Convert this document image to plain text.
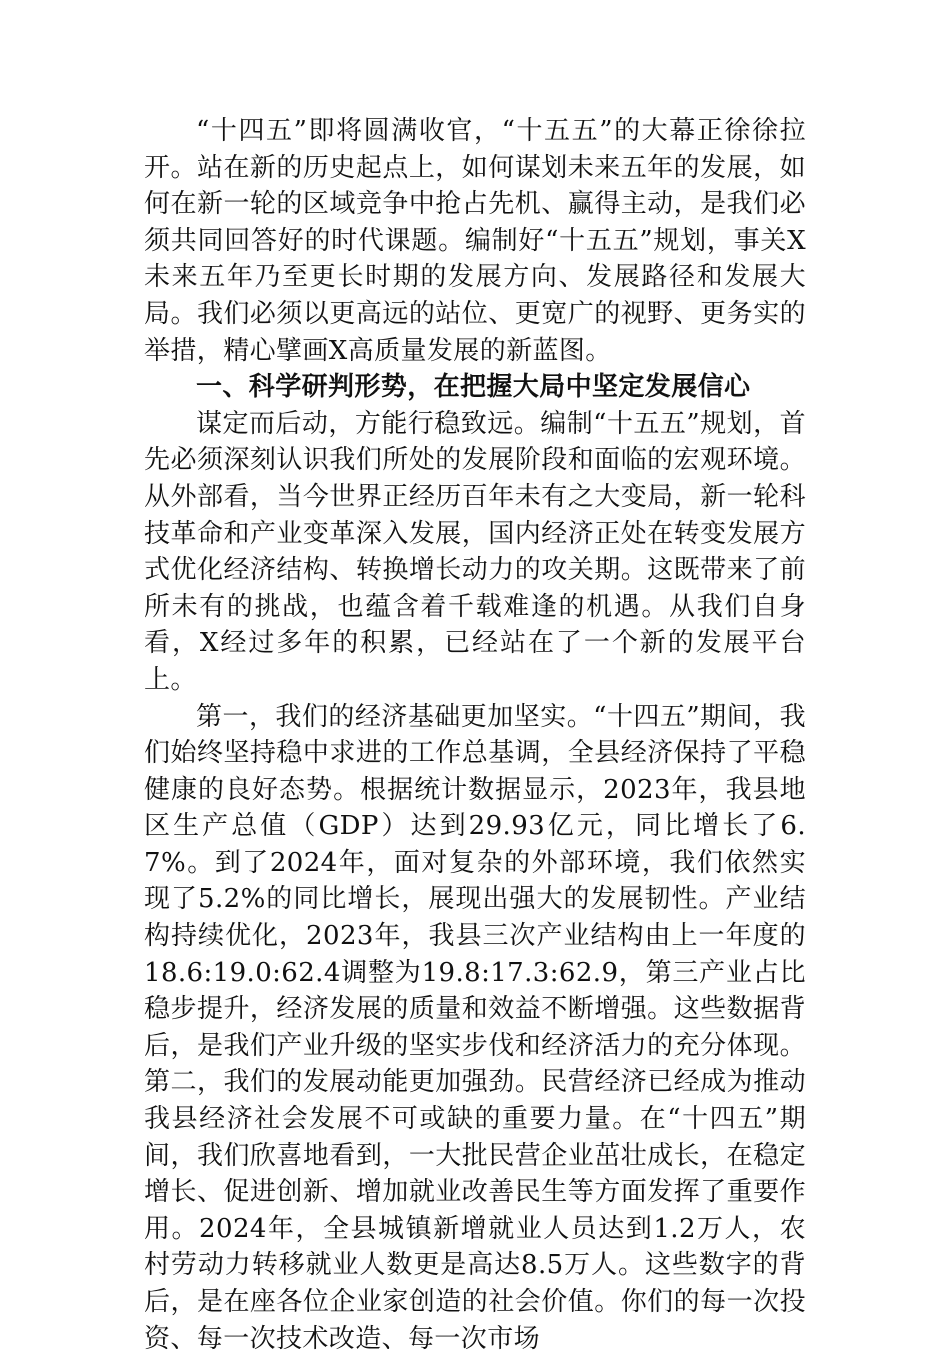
“十四五”即将圆满收官，“十五五”的大幕正徐徐拉开。站在新的历史起点上，如何谋划未来五年的发展，如何在新一轮的区域竞争中抢占先机、赢得主动，是我们必须共同回答好的时代课题。编制好“十五五”规划，事关X未来五年乃至更长时期的发展方向、发展路径和发展大局。我们必须以更高远的站位、更宽广的视野、更务实的举措，精心擘画X高质量发展的新蓝图。

一、科学研判形势，在把握大局中坚定发展信心

谋定而后动，方能行稳致远。编制“十五五”规划，首先必须深刻认识我们所处的发展阶段和面临的宏观环境。从外部看，当今世界正经历百年未有之大变局，新一轮科技革命和产业变革深入发展，国内经济正处在转变发展方式优化经济结构、转换增长动力的攻关期。这既带来了前所未有的挑战，也蕴含着千载难逢的机遇。从我们自身看，X经过多年的积累，已经站在了一个新的发展平台上。

第一，我们的经济基础更加坚实。“十四五”期间，我们始终坚持稳中求进的工作总基调，全县经济保持了平稳健康的良好态势。根据统计数据显示，2023年，我县地区生产总值（GDP）达到29.93亿元，同比增长了6.7%。到了2024年，面对复杂的外部环境，我们依然实现了5.2%的同比增长，展现出强大的发展韧性。产业结构持续优化，2023年，我县三次产业结构由上一年度的18.6:19.0:62.4调整为19.8:17.3:62.9，第三产业占比稳步提升，经济发展的质量和效益不断增强。这些数据背后，是我们产业升级的坚实步伐和经济活力的充分体现。第二，我们的发展动能更加强劲。民营经济已经成为推动我县经济社会发展不可或缺的重要力量。在“十四五”期间，我们欣喜地看到，一大批民营企业茁壮成长，在稳定增长、促进创新、增加就业改善民生等方面发挥了重要作用。2024年，全县城镇新增就业人员达到1.2万人，农村劳动力转移就业人数更是高达8.5万人。这些数字的背后，是在座各位企业家创造的社会价值。你们的每一次投资、每一次技术改造、每一次市场
